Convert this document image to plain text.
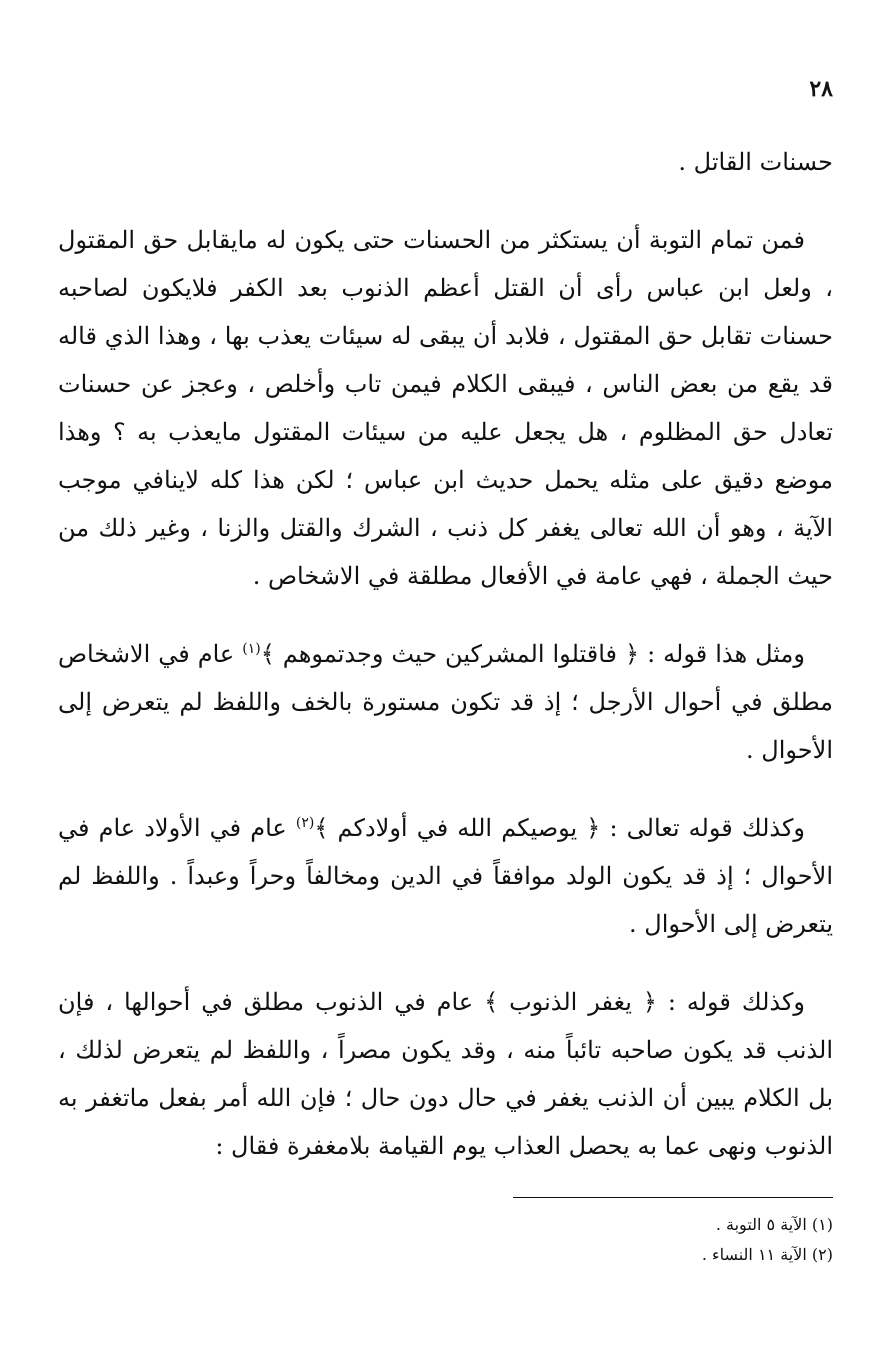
٢٨

حسنات القاتل .

فمن تمام التوبة أن يستكثر من الحسنات حتى يكون له مايقابل حق المقتول ، ولعل ابن عباس رأى أن القتل أعظم الذنوب بعد الكفر فلايكون لصاحبه حسنات تقابل حق المقتول ، فلابد أن يبقى له سيئات يعذب بها ، وهذا الذي قاله قد يقع من بعض الناس ، فيبقى الكلام فيمن تاب وأخلص ، وعجز عن حسنات تعادل حق المظلوم ، هل يجعل عليه من سيئات المقتول مايعذب به ؟ وهذا موضع دقيق على مثله يحمل حديث ابن عباس ؛ لكن هذا كله لاينافي موجب الآية ، وهو أن الله تعالى يغفر كل ذنب ، الشرك والقتل والزنا ، وغير ذلك من حيث الجملة ، فهي عامة في الأفعال مطلقة في الاشخاص .

ومثل هذا قوله : ﴿ فاقتلوا المشركين حيث وجدتموهم ﴾$^{(١)}$ عام في الاشخاص مطلق في أحوال الأرجل ؛ إذ قد تكون مستورة بالخف واللفظ لم يتعرض إلى الأحوال .

وكذلك قوله تعالى : ﴿ يوصيكم الله في أولادكم ﴾$^{(٢)}$ عام في الأولاد عام في الأحوال ؛ إذ قد يكون الولد موافقاً في الدين ومخالفاً وحراً وعبداً . واللفظ لم يتعرض إلى الأحوال .

وكذلك قوله : ﴿ يغفر الذنوب ﴾ عام في الذنوب مطلق في أحوالها ، فإن الذنب قد يكون صاحبه تائباً منه ، وقد يكون مصراً ، واللفظ لم يتعرض لذلك ، بل الكلام يبين أن الذنب يغفر في حال دون حال ؛ فإن الله أمر بفعل ماتغفر به الذنوب ونهى عما به يحصل العذاب يوم القيامة بلامغفرة فقال :

(١) الآية ٥ التوبة .

(٢) الآية ١١ النساء .
